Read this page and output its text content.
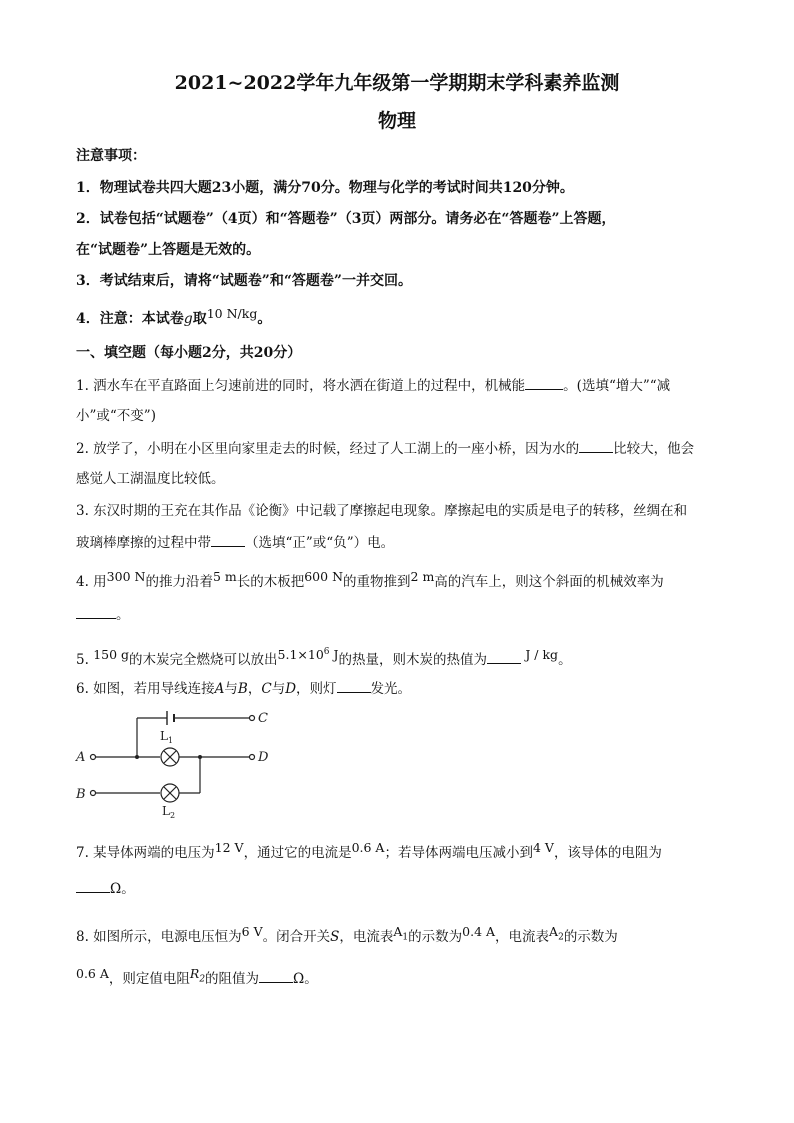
2021~2022学年九年级第一学期期末学科素养监测
物理
注意事项：
1．物理试卷共四大题23小题，满分70分。物理与化学的考试时间共120分钟。
2．试卷包括“试题卷”（4页）和“答题卷”（3页）两部分。请务必在“答题卷”上答题，
在“试题卷”上答题是无效的。
3．考试结束后，请将“试题卷”和“答题卷”一并交回。
4．注意：本试卷g取10 N/kg。
一、填空题（每小题2分，共20分）
1. 洒水车在平直路面上匀速前进的同时，将水洒在街道上的过程中，机械能	。(选填“增大”“减
小”或“不变”)
2. 放学了，小明在小区里向家里走去的时候，经过了人工湖上的一座小桥，因为水的	比较大，他会
感觉人工湖温度比较低。
3. 东汉时期的王充在其作品《论衡》中记载了摩擦起电现象。摩擦起电的实质是电子的转移，丝绸在和
玻璃棒摩擦的过程中带	（选填“正”或“负”）电。
4. 用300 N的推力沿着5 m长的木板把600 N的重物推到2 m高的汽车上，则这个斜面的机械效率为
。
5. 150 g的木炭完全燃烧可以放出$5.1\times 10^6$ J的热量，则木炭的热值为	J / kg。
6. 如图，若用导线连接A与B，C与D，则灯	发光。
C
D
A
B
L 1
L 2
7. 某导体两端的电压为12 V，通过它的电流是0.6 A；若导体两端电压减小到4 V，该导体的电阻为
Ω。
8. 如图所示，电源电压恒为6 V。闭合开关S，电流表$A_1$的示数为0.4 A，电流表$A_2$的示数为
0.6 A，则定值电阻$R_2$的阻值为	Ω。
